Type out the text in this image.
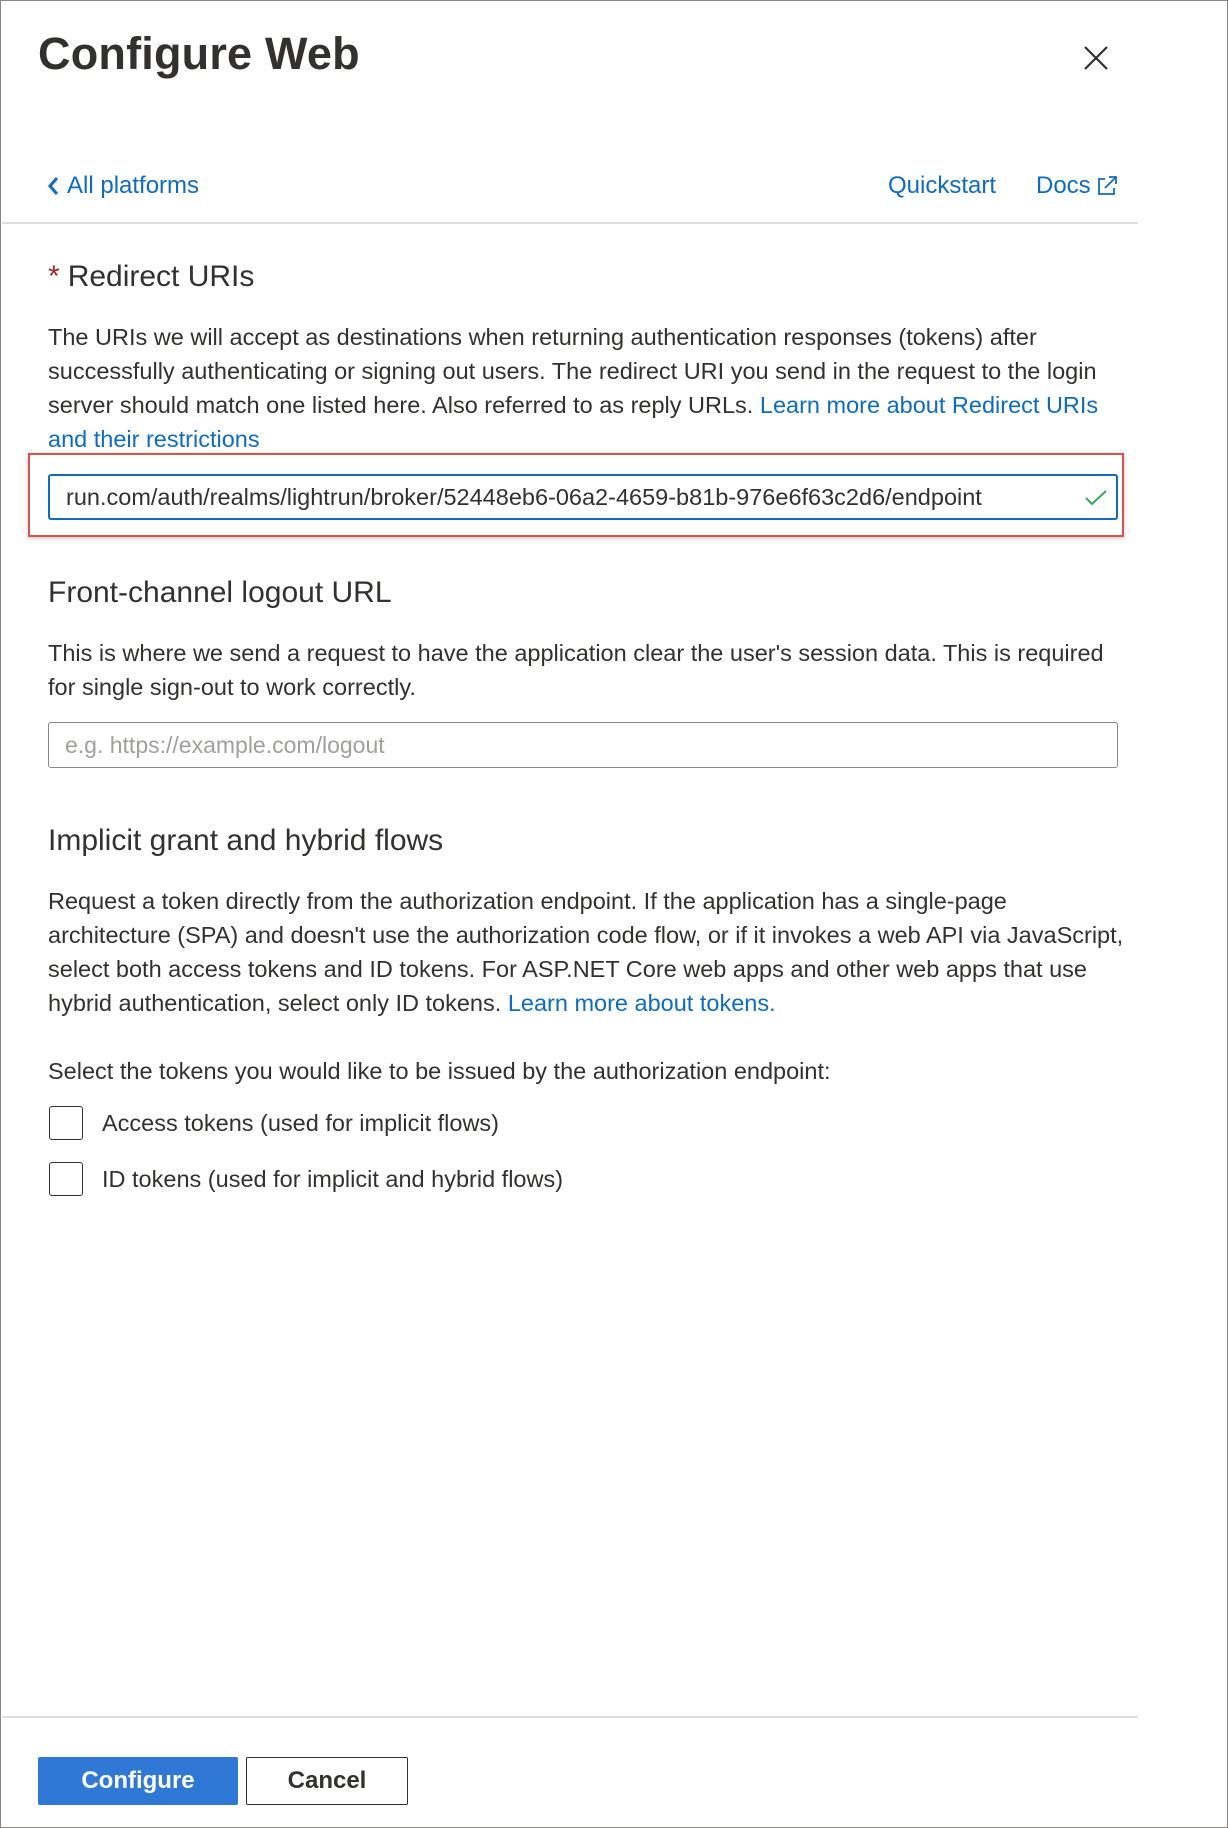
Configure Web
All platforms	Quickstart Docs
* Redirect URIs
The URIs we will accept as destinations when returning authentication responses (tokens) after successfully authenticating or signing out users. The redirect URI you send in the request to the login server should match one listed here. Also referred to as reply URLs. Learn more about Redirect URIs and their restrictions
run.com/auth/realms/lightrun/broker/52448eb6-06a2-4659-b81b-976e6f63c2d6/endpoint
Front-channel logout URL
This is where we send a request to have the application clear the user's session data. This is required for single sign-out to work correctly.
e.g. https://example.com/logout
Implicit grant and hybrid flows
Request a token directly from the authorization endpoint. If the application has a single-page architecture (SPA) and doesn't use the authorization code flow, or if it invokes a web API via JavaScript, select both access tokens and ID tokens. For ASP.NET Core web apps and other web apps that use hybrid authentication, select only ID tokens. Learn more about tokens.
Select the tokens you would like to be issued by the authorization endpoint:
Access tokens (used for implicit flows)
ID tokens (used for implicit and hybrid flows)
Configure	Cancel
